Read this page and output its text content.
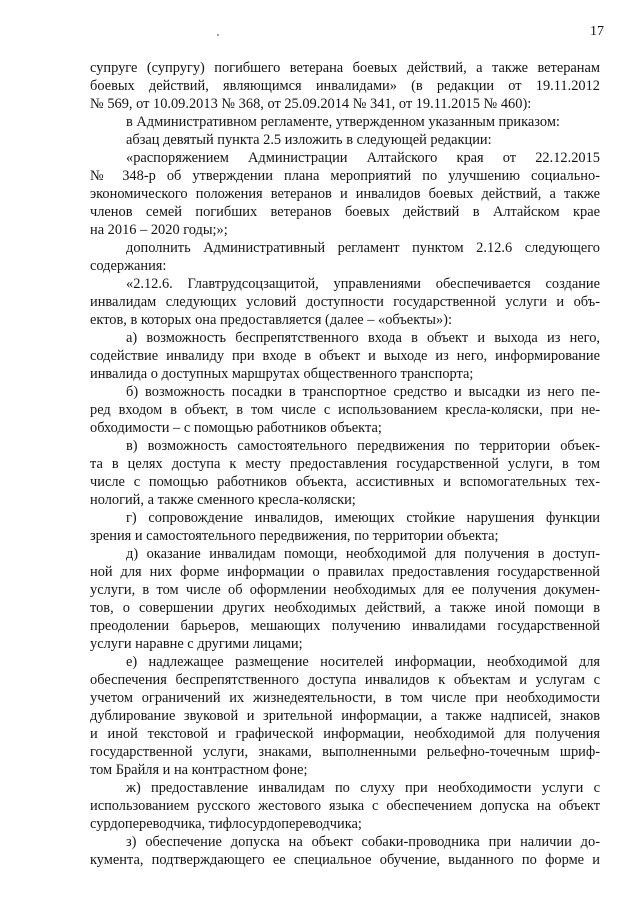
17
супруге (супругу) погибшего ветерана боевых действий, а также ветеранам
боевых действий, являющимся инвалидами» (в редакции от 19.11.2012
№ 569, от 10.09.2013 № 368, от 25.09.2014 № 341, от 19.11.2015 № 460):
в Административном регламенте, утвержденном указанным приказом:
абзац девятый пункта 2.5 изложить в следующей редакции:
«распоряжением Администрации Алтайского края от 22.12.2015
№ 348-р об утверждении плана мероприятий по улучшению социально-
экономического положения ветеранов и инвалидов боевых действий, а также
членов семей погибших ветеранов боевых действий в Алтайском крае
на 2016 – 2020 годы;»;
дополнить Административный регламент пунктом 2.12.6 следующего
содержания:
«2.12.6. Главтрудсоцзащитой, управлениями обеспечивается создание
инвалидам следующих условий доступности государственной услуги и объ-
ектов, в которых она предоставляется (далее – «объекты»):
а) возможность беспрепятственного входа в объект и выхода из него,
содействие инвалиду при входе в объект и выходе из него, информирование
инвалида о доступных маршрутах общественного транспорта;
б) возможность посадки в транспортное средство и высадки из него пе-
ред входом в объект, в том числе с использованием кресла-коляски, при не-
обходимости – с помощью работников объекта;
в) возможность самостоятельного передвижения по территории объек-
та в целях доступа к месту предоставления государственной услуги, в том
числе с помощью работников объекта, ассистивных и вспомогательных тех-
нологий, а также сменного кресла-коляски;
г) сопровождение инвалидов, имеющих стойкие нарушения функции
зрения и самостоятельного передвижения, по территории объекта;
д) оказание инвалидам помощи, необходимой для получения в доступ-
ной для них форме информации о правилах предоставления государственной
услуги, в том числе об оформлении необходимых для ее получения докумен-
тов, о совершении других необходимых действий, а также иной помощи в
преодолении барьеров, мешающих получению инвалидами государственной
услуги наравне с другими лицами;
е) надлежащее размещение носителей информации, необходимой для
обеспечения беспрепятственного доступа инвалидов к объектам и услугам с
учетом ограничений их жизнедеятельности, в том числе при необходимости
дублирование звуковой и зрительной информации, а также надписей, знаков
и иной текстовой и графической информации, необходимой для получения
государственной услуги, знаками, выполненными рельефно-точечным шриф-
том Брайля и на контрастном фоне;
ж) предоставление инвалидам по слуху при необходимости услуги с
использованием русского жестового языка с обеспечением допуска на объект
сурдопереводчика, тифлосурдопереводчика;
з) обеспечение допуска на объект собаки-проводника при наличии до-
кумента, подтверждающего ее специальное обучение, выданного по форме и
